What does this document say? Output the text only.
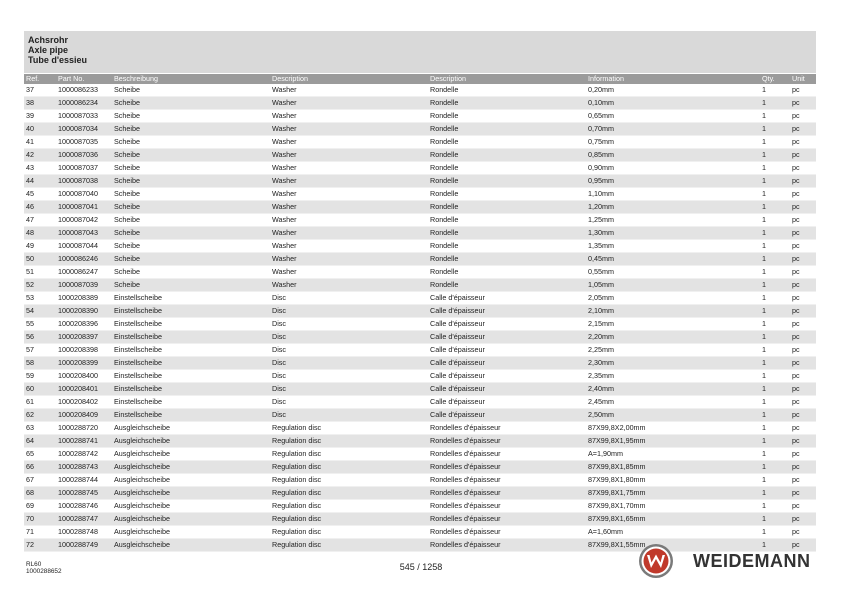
Achsrohr
Axle pipe
Tube d'essieu
Ref.	Part No.	Beschreibung	Description	Description	Information	Qty.	Unit
37	1000086233	Scheibe	Washer	Rondelle	0,20mm	1	pc
38	1000086234	Scheibe	Washer	Rondelle	0,10mm	1	pc
39	1000087033	Scheibe	Washer	Rondelle	0,65mm	1	pc
40	1000087034	Scheibe	Washer	Rondelle	0,70mm	1	pc
41	1000087035	Scheibe	Washer	Rondelle	0,75mm	1	pc
42	1000087036	Scheibe	Washer	Rondelle	0,85mm	1	pc
43	1000087037	Scheibe	Washer	Rondelle	0,90mm	1	pc
44	1000087038	Scheibe	Washer	Rondelle	0,95mm	1	pc
45	1000087040	Scheibe	Washer	Rondelle	1,10mm	1	pc
46	1000087041	Scheibe	Washer	Rondelle	1,20mm	1	pc
47	1000087042	Scheibe	Washer	Rondelle	1,25mm	1	pc
48	1000087043	Scheibe	Washer	Rondelle	1,30mm	1	pc
49	1000087044	Scheibe	Washer	Rondelle	1,35mm	1	pc
50	1000086246	Scheibe	Washer	Rondelle	0,45mm	1	pc
51	1000086247	Scheibe	Washer	Rondelle	0,55mm	1	pc
52	1000087039	Scheibe	Washer	Rondelle	1,05mm	1	pc
53	1000208389	Einstellscheibe	Disc	Calle d'épaisseur	2,05mm	1	pc
54	1000208390	Einstellscheibe	Disc	Calle d'épaisseur	2,10mm	1	pc
55	1000208396	Einstellscheibe	Disc	Calle d'épaisseur	2,15mm	1	pc
56	1000208397	Einstellscheibe	Disc	Calle d'épaisseur	2,20mm	1	pc
57	1000208398	Einstellscheibe	Disc	Calle d'épaisseur	2,25mm	1	pc
58	1000208399	Einstellscheibe	Disc	Calle d'épaisseur	2,30mm	1	pc
59	1000208400	Einstellscheibe	Disc	Calle d'épaisseur	2,35mm	1	pc
60	1000208401	Einstellscheibe	Disc	Calle d'épaisseur	2,40mm	1	pc
61	1000208402	Einstellscheibe	Disc	Calle d'épaisseur	2,45mm	1	pc
62	1000208409	Einstellscheibe	Disc	Calle d'épaisseur	2,50mm	1	pc
63	1000288720	Ausgleichscheibe	Regulation disc	Rondelles d'épaisseur	87X99,8X2,00mm	1	pc
64	1000288741	Ausgleichscheibe	Regulation disc	Rondelles d'épaisseur	87X99,8X1,95mm	1	pc
65	1000288742	Ausgleichscheibe	Regulation disc	Rondelles d'épaisseur	A=1,90mm	1	pc
66	1000288743	Ausgleichscheibe	Regulation disc	Rondelles d'épaisseur	87X99,8X1,85mm	1	pc
67	1000288744	Ausgleichscheibe	Regulation disc	Rondelles d'épaisseur	87X99,8X1,80mm	1	pc
68	1000288745	Ausgleichscheibe	Regulation disc	Rondelles d'épaisseur	87X99,8X1,75mm	1	pc
69	1000288746	Ausgleichscheibe	Regulation disc	Rondelles d'épaisseur	87X99,8X1,70mm	1	pc
70	1000288747	Ausgleichscheibe	Regulation disc	Rondelles d'épaisseur	87X99,8X1,65mm	1	pc
71	1000288748	Ausgleichscheibe	Regulation disc	Rondelles d'épaisseur	A=1,60mm	1	pc
72	1000288749	Ausgleichscheibe	Regulation disc	Rondelles d'épaisseur	87X99,8X1,55mm	1	pc
RL60
1000288652	545 / 1258	WEIDEMANN
